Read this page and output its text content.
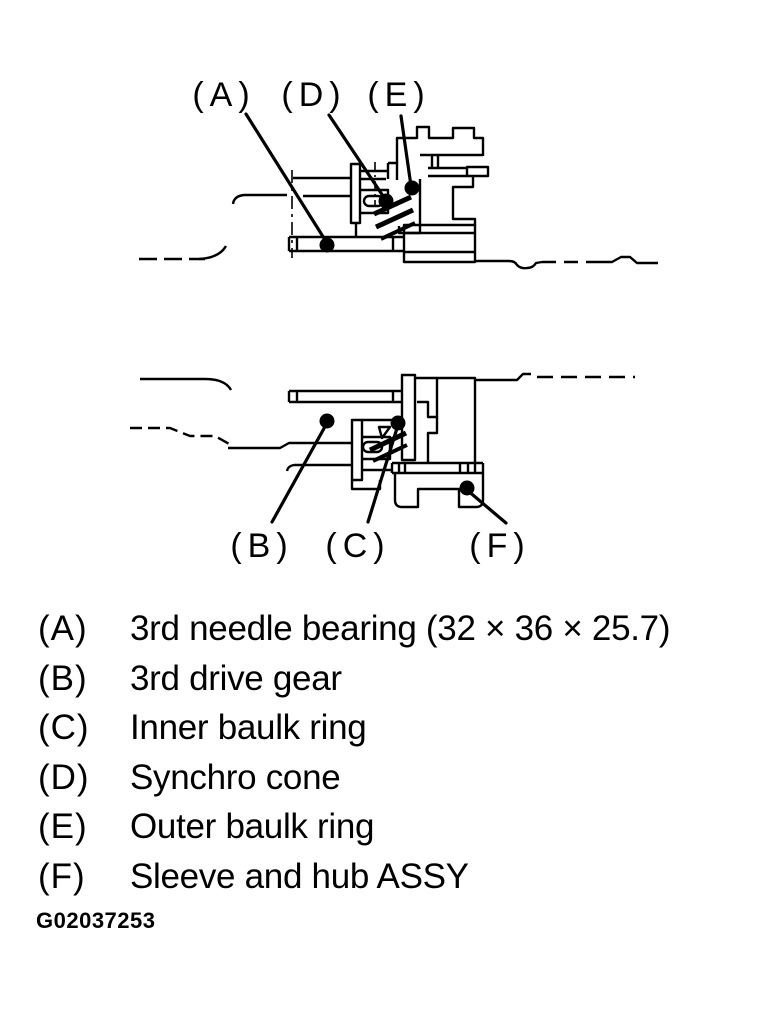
(A) (D) (E)
(B) (C) (F)
(A)	3rd needle bearing (32 × 36 × 25.7)
(B)	3rd drive gear
(C)	Inner baulk ring
(D)	Synchro cone
(E)	Outer baulk ring
(F)	Sleeve and hub ASSY
G02037253
